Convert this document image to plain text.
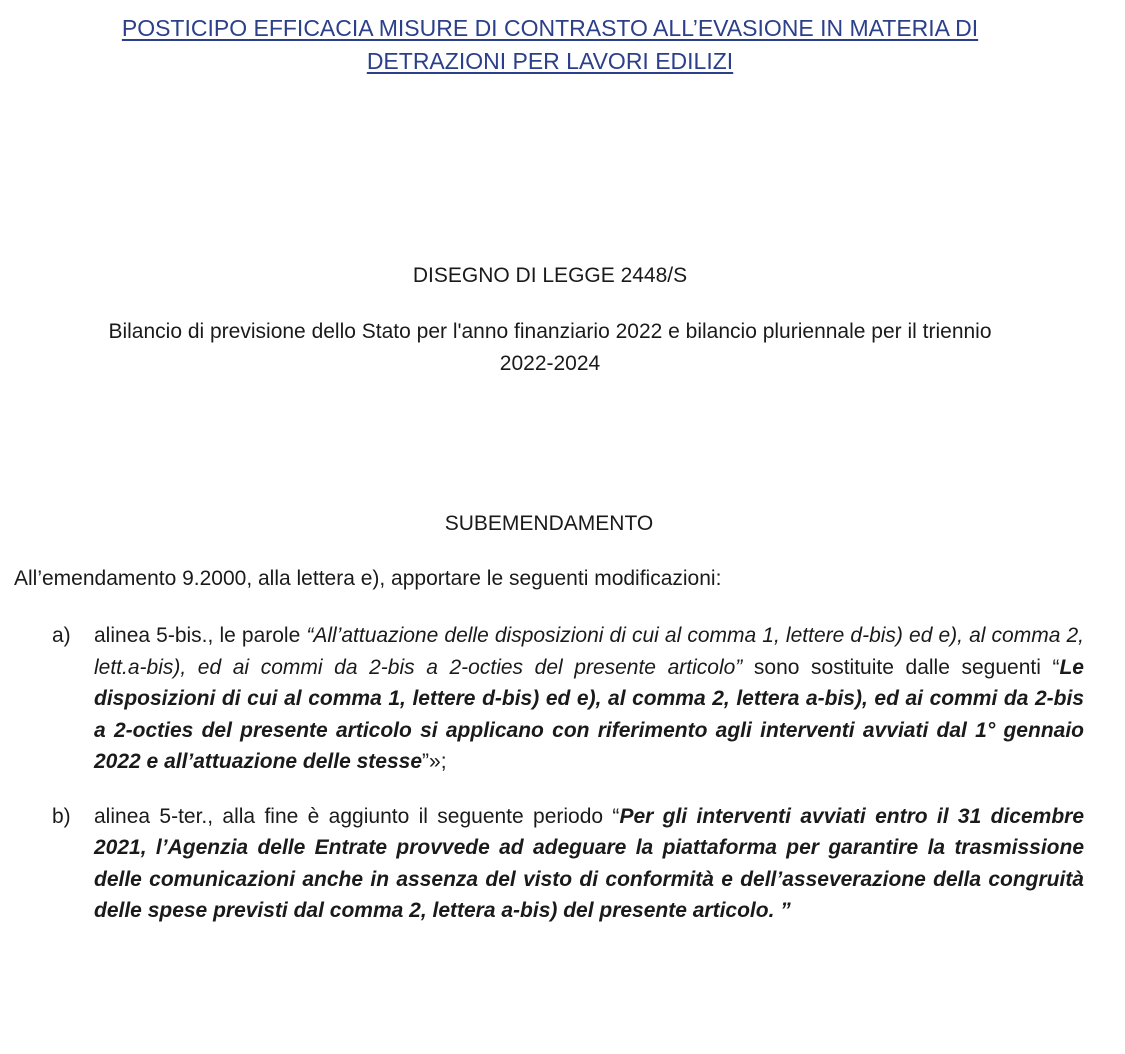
POSTICIPO EFFICACIA MISURE DI CONTRASTO ALL’EVASIONE IN MATERIA DI
DETRAZIONI PER LAVORI EDILIZI
DISEGNO DI LEGGE 2448/S
Bilancio di previsione dello Stato per l'anno finanziario 2022 e bilancio pluriennale per il triennio
2022-2024
SUBEMENDAMENTO
All’emendamento 9.2000, alla lettera e), apportare le seguenti modificazioni:
a) alinea 5-bis., le parole “All’attuazione delle disposizioni di cui al comma 1, lettere d-bis) ed e), al comma 2, lett.a-bis), ed ai commi da 2-bis a 2-octies del presente articolo” sono sostituite dalle seguenti “Le disposizioni di cui al comma 1, lettere d-bis) ed e), al comma 2, lettera a-bis), ed ai commi da 2-bis a 2-octies del presente articolo si applicano con riferimento agli interventi avviati dal 1° gennaio 2022 e all’attuazione delle stesse”»;
b) alinea 5-ter., alla fine è aggiunto il seguente periodo “Per gli interventi avviati entro il 31 dicembre 2021, l’Agenzia delle Entrate provvede ad adeguare la piattaforma per garantire la trasmissione delle comunicazioni anche in assenza del visto di conformità e dell’asseverazione della congruità delle spese previsti dal comma 2, lettera a-bis) del presente articolo. ”
